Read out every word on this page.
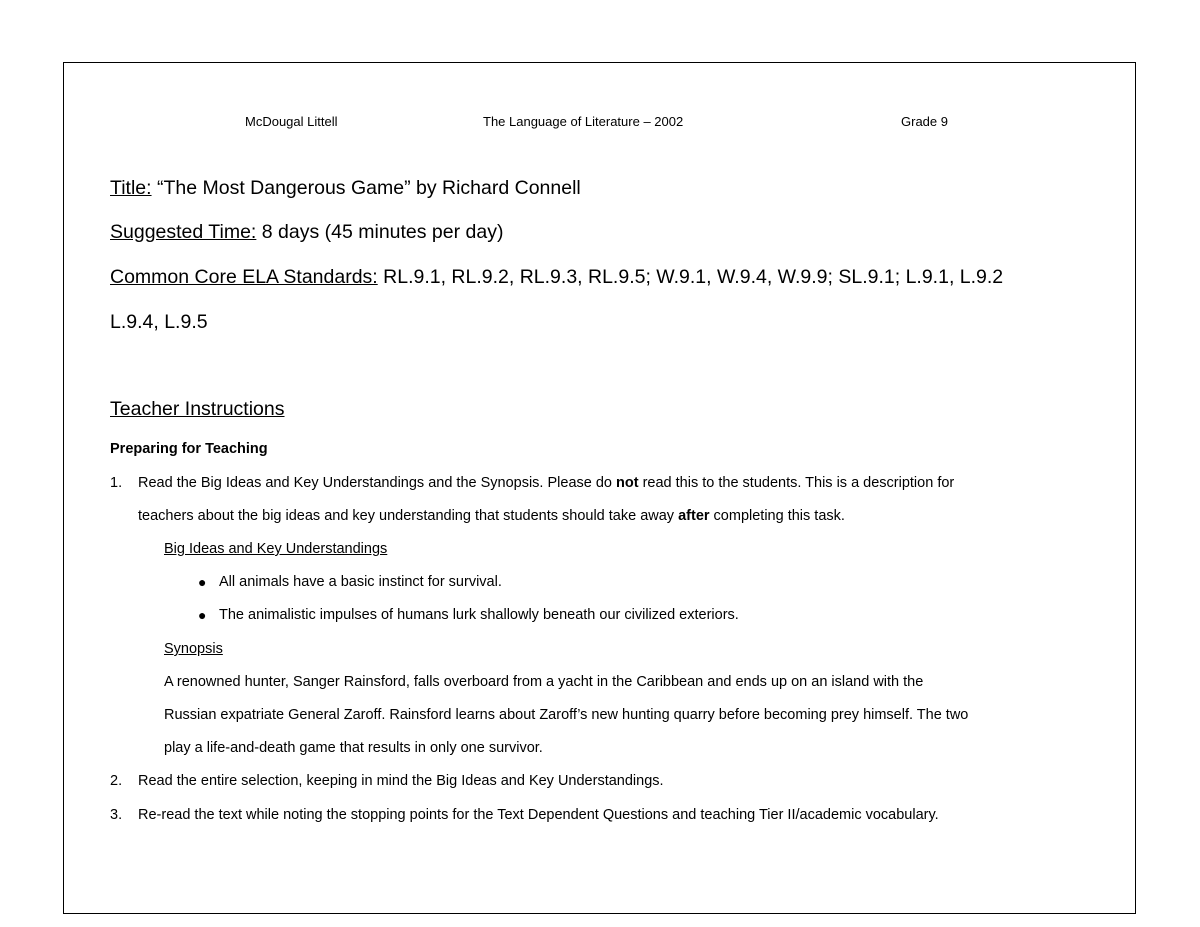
McDougal Littell	The Language of Literature – 2002	Grade 9
Title: “The Most Dangerous Game” by Richard Connell
Suggested Time: 8 days (45 minutes per day)
Common Core ELA Standards: RL.9.1, RL.9.2, RL.9.3, RL.9.5; W.9.1, W.9.4, W.9.9; SL.9.1; L.9.1, L.9.2
L.9.4, L.9.5
Teacher Instructions
Preparing for Teaching
1. Read the Big Ideas and Key Understandings and the Synopsis. Please do not read this to the students. This is a description for
teachers about the big ideas and key understanding that students should take away after completing this task.
Big Ideas and Key Understandings
● All animals have a basic instinct for survival.
● The animalistic impulses of humans lurk shallowly beneath our civilized exteriors.
Synopsis
A renowned hunter, Sanger Rainsford, falls overboard from a yacht in the Caribbean and ends up on an island with the
Russian expatriate General Zaroff. Rainsford learns about Zaroff’s new hunting quarry before becoming prey himself. The two
play a life-and-death game that results in only one survivor.
2. Read the entire selection, keeping in mind the Big Ideas and Key Understandings.
3. Re-read the text while noting the stopping points for the Text Dependent Questions and teaching Tier II/academic vocabulary.
